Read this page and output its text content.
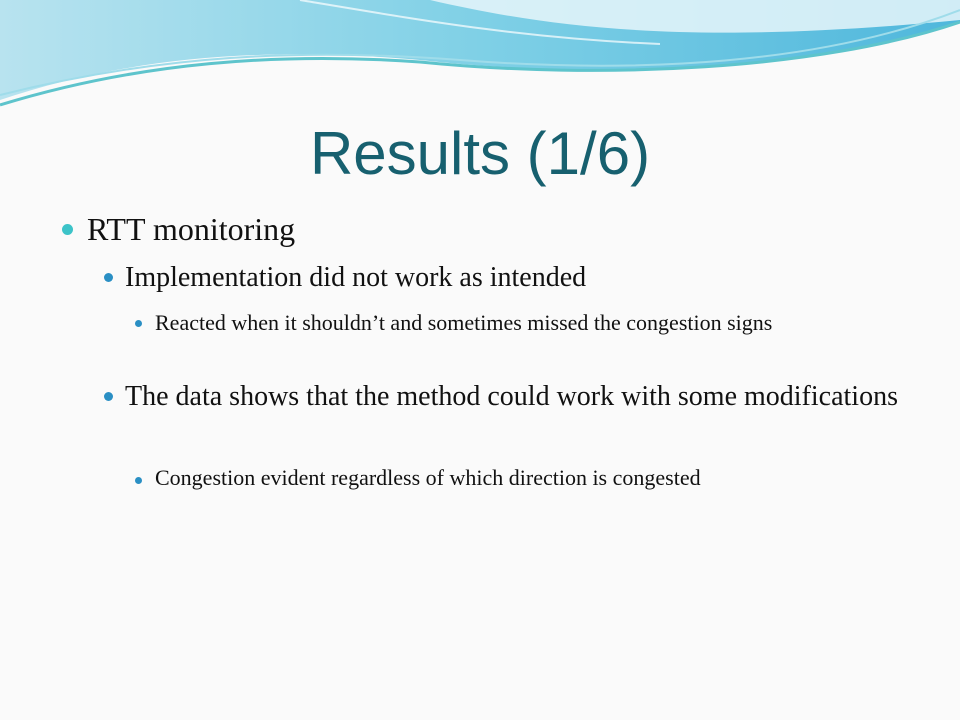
Results (1/6)
RTT monitoring
Implementation did not work as intended
Reacted when it shouldn’t and sometimes missed the congestion signs
The data shows that the method could work with some modifications
Congestion evident regardless of which direction is congested
